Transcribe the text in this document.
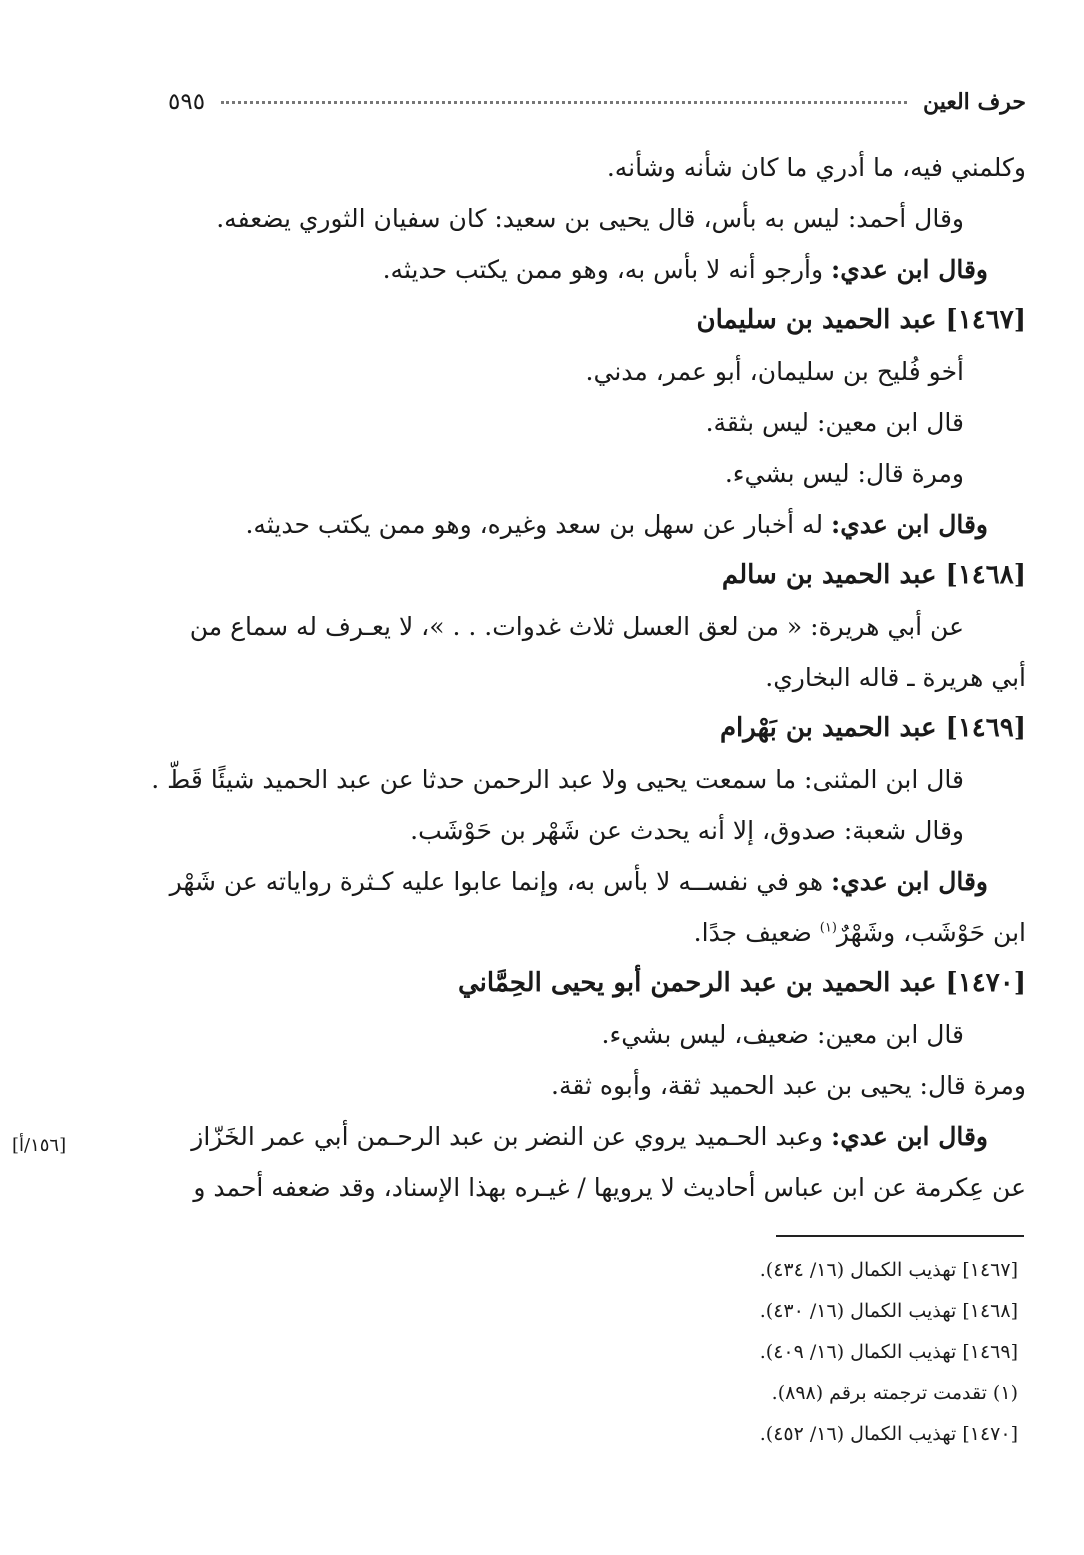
حرف العين
٥٩٥
وكلمني فيه، ما أدري ما كان شأنه وشأنه.
وقال أحمد: ليس به بأس، قال يحيى بن سعيد: كان سفيان الثوري يضعفه.
وقال ابن عدي: وأرجو أنه لا بأس به، وهو ممن يكتب حديثه.
[١٤٦٧] عبد الحميد بن سليمان
أخو فُليح بن سليمان، أبو عمر، مدني.
قال ابن معين: ليس بثقة.
ومرة قال: ليس بشيء.
وقال ابن عدي: له أخبار عن سهل بن سعد وغيره، وهو ممن يكتب حديثه.
[١٤٦٨] عبد الحميد بن سالم
عن أبي هريرة: « من لعق العسل ثلاث غدوات. . . »، لا يعـرف له سماع من
أبي هريرة ـ قاله البخاري.
[١٤٦٩] عبد الحميد بن بَهْرام
قال ابن المثنى: ما سمعت يحيى ولا عبد الرحمن حدثا عن عبد الحميد شيئًا قَطّ .
وقال شعبة: صدوق، إلا أنه يحدث عن شَهْر بن حَوْشَب.
وقال ابن عدي: هو في نفســه لا بأس به، وإنما عابوا عليه كـثرة رواياته عن شَهْر
ابن حَوْشَب، وشَهْرٌ$^{(١)}$ ضعيف جدًا.
[١٤٧٠] عبد الحميد بن عبد الرحمن أبو يحيى الحِمَّاني
قال ابن معين: ضعيف، ليس بشيء.
ومرة قال: يحيى بن عبد الحميد ثقة، وأبوه ثقة.
وقال ابن عدي: وعبد الحـميد يروي عن النضر بن عبد الرحـمن أبي عمر الخَزّاز
عن عِكرمة عن ابن عباس أحاديث لا يرويها / غيـره بهذا الإسناد، وقد ضعفه أحمد و
[١٥٦/أ]
[١٤٦٧] تهذيب الكمال (١٦/ ٤٣٤).
[١٤٦٨] تهذيب الكمال (١٦/ ٤٣٠).
[١٤٦٩] تهذيب الكمال (١٦/ ٤٠٩).
(١) تقدمت ترجمته برقم (٨٩٨).
[١٤٧٠] تهذيب الكمال (١٦/ ٤٥٢).
